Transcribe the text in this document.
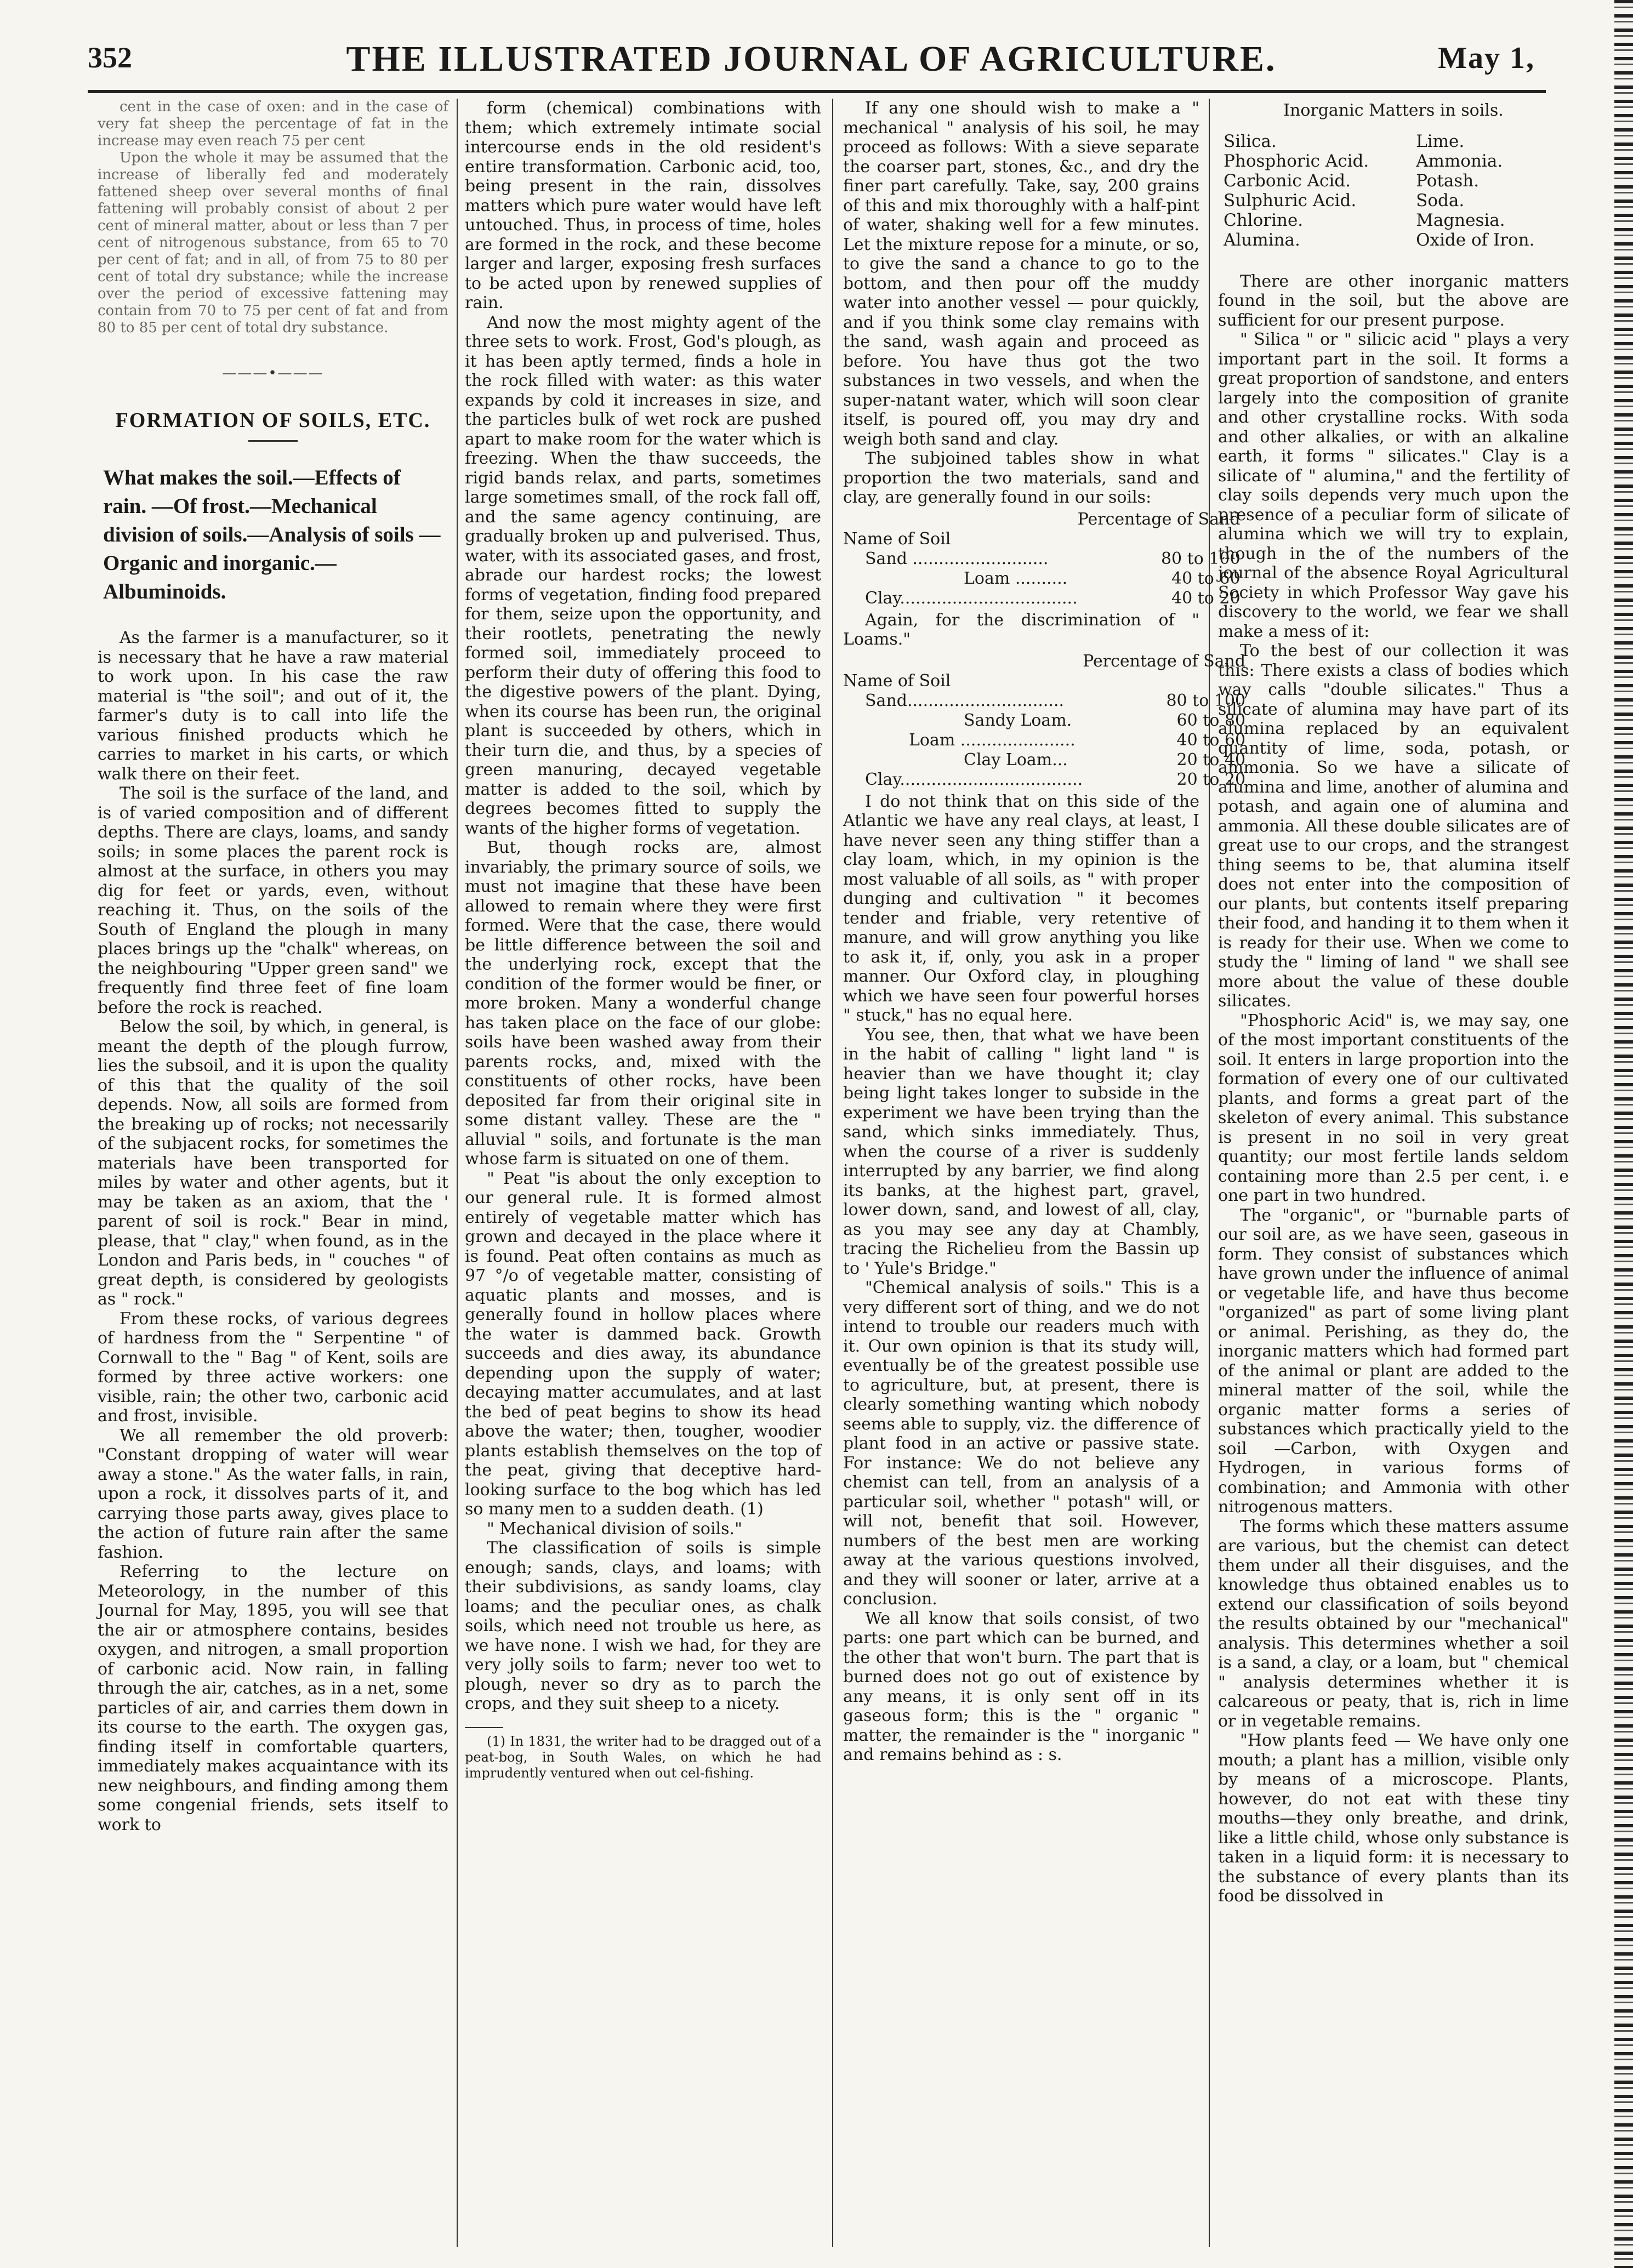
352	THE ILLUSTRATED JOURNAL OF AGRICULTURE.	May 1,

cent in the case of oxen: and in the case of very fat sheep the percentage of fat in the increase may even reach 75 per cent

Upon the whole it may be assumed that the increase of liberally fed and moderately fattened sheep over several months of final fattening will probably consist of about 2 per cent of mineral matter, about or less than 7 per cent of nitrogenous substance, from 65 to 70 per cent of fat; and in all, of from 75 to 80 per cent of total dry substance; while the increase over the period of excessive fattening may contain from 70 to 75 per cent of fat and from 80 to 85 per cent of total dry substance.

———•———
FORMATION OF SOILS, ETC.
What makes the soil.—Effects of rain. —Of frost.—Mechanical division of soils.—Analysis of soils — Organic and inorganic.—Albuminoids.

As the farmer is a manufacturer, so it is necessary that he have a raw material to work upon. In his case the raw material is "the soil"; and out of it, the farmer's duty is to call into life the various finished products which he carries to market in his carts, or which walk there on their feet.

The soil is the surface of the land, and is of varied composition and of different depths. There are clays, loams, and sandy soils; in some places the parent rock is almost at the surface, in others you may dig for feet or yards, even, without reaching it. Thus, on the soils of the South of England the plough in many places brings up the "chalk" whereas, on the neighbouring "Upper green sand" we frequently find three feet of fine loam before the rock is reached.

Below the soil, by which, in general, is meant the depth of the plough furrow, lies the subsoil, and it is upon the quality of this that the quality of the soil depends. Now, all soils are formed from the breaking up of rocks; not necessarily of the subjacent rocks, for sometimes the materials have been transported for miles by water and other agents, but it may be taken as an axiom, that the ' parent of soil is rock." Bear in mind, please, that " clay," when found, as in the London and Paris beds, in " couches " of great depth, is considered by geologists as " rock."

From these rocks, of various degrees of hardness from the " Serpentine " of Cornwall to the " Bag " of Kent, soils are formed by three active workers: one visible, rain; the other two, carbonic acid and frost, invisible.

We all remember the old proverb: "Constant dropping of water will wear away a stone." As the water falls, in rain, upon a rock, it dissolves parts of it, and carrying those parts away, gives place to the action of future rain after the same fashion.

Referring to the lecture on Meteorology, in the number of this Journal for May, 1895, you will see that the air or atmosphere contains, besides oxygen, and nitrogen, a small proportion of carbonic acid. Now rain, in falling through the air, catches, as in a net, some particles of air, and carries them down in its course to the earth. The oxygen gas, finding itself in comfortable quarters, immediately makes acquaintance with its new neighbours, and finding among them some congenial friends, sets itself to work to

form (chemical) combinations with them; which extremely intimate social intercourse ends in the old resident's entire transformation. Carbonic acid, too, being present in the rain, dissolves matters which pure water would have left untouched. Thus, in process of time, holes are formed in the rock, and these become larger and larger, exposing fresh surfaces to be acted upon by renewed supplies of rain.

And now the most mighty agent of the three sets to work. Frost, God's plough, as it has been aptly termed, finds a hole in the rock filled with water: as this water expands by cold it increases in size, and the particles bulk of wet rock are pushed apart to make room for the water which is freezing. When the thaw succeeds, the rigid bands relax, and parts, sometimes large sometimes small, of the rock fall off, and the same agency continuing, are gradually broken up and pulverised. Thus, water, with its associated gases, and frost, abrade our hardest rocks; the lowest forms of vegetation, finding food prepared for them, seize upon the opportunity, and their rootlets, penetrating the newly formed soil, immediately proceed to perform their duty of offering this food to the digestive powers of the plant. Dying, when its course has been run, the original plant is succeeded by others, which in their turn die, and thus, by a species of green manuring, decayed vegetable matter is added to the soil, which by degrees becomes fitted to supply the wants of the higher forms of vegetation.

But, though rocks are, almost invariably, the primary source of soils, we must not imagine that these have been allowed to remain where they were first formed. Were that the case, there would be little difference between the soil and the underlying rock, except that the condition of the former would be finer, or more broken. Many a wonderful change has taken place on the face of our globe: soils have been washed away from their parents rocks, and, mixed with the constituents of other rocks, have been deposited far from their original site in some distant valley. These are the " alluvial " soils, and fortunate is the man whose farm is situated on one of them.

" Peat "is about the only exception to our general rule. It is formed almost entirely of vegetable matter which has grown and decayed in the place where it is found. Peat often contains as much as 97 °/o of vegetable matter, consisting of aquatic plants and mosses, and is generally found in hollow places where the water is dammed back. Growth succeeds and dies away, its abundance depending upon the supply of water; decaying matter accumulates, and at last the bed of peat begins to show its head above the water; then, tougher, woodier plants establish themselves on the top of the peat, giving that deceptive hard-looking surface to the bog which has led so many men to a sudden death. (1)

" Mechanical division of soils."

The classification of soils is simple enough; sands, clays, and loams; with their subdivisions, as sandy loams, clay loams; and the peculiar ones, as chalk soils, which need not trouble us here, as we have none. I wish we had, for they are very jolly soils to farm; never too wet to plough, never so dry as to parch the crops, and they suit sheep to a nicety.

(1) In 1831, the writer had to be dragged out of a peat-bog, in South Wales, on which he had imprudently ventured when out cel-fishing.

If any one should wish to make a " mechanical " analysis of his soil, he may proceed as follows: With a sieve separate the coarser part, stones, &c., and dry the finer part carefully. Take, say, 200 grains of this and mix thoroughly with a half-pint of water, shaking well for a few minutes. Let the mixture repose for a minute, or so, to give the sand a chance to go to the bottom, and then pour off the muddy water into another vessel — pour quickly, and if you think some clay remains with the sand, wash again and proceed as before. You have thus got the two substances in two vessels, and when the super-natant water, which will soon clear itself, is poured off, you may dry and weigh both sand and clay.

The subjoined tables show in what proportion the two materials, sand and clay, are generally found in our soils:

	Percentage of Sand
Name of Soil	
Sand ..........................	80 to 100
Loam ..........	40 to 60
Clay..................................	40 to 20

Again, for the discrimination of " Loams."

	Percentage of Sand
Name of Soil	
Sand..............................	80 to 100
Sandy Loam.	60 to 80
Loam ......................	40 to 60
Clay Loam...	20 to 40
Clay...................................	20 to 20

I do not think that on this side of the Atlantic we have any real clays, at least, I have never seen any thing stiffer than a clay loam, which, in my opinion is the most valuable of all soils, as " with proper dunging and cultivation " it becomes tender and friable, very retentive of manure, and will grow anything you like to ask it, if, only, you ask in a proper manner. Our Oxford clay, in ploughing which we have seen four powerful horses " stuck," has no equal here.

You see, then, that what we have been in the habit of calling " light land " is heavier than we have thought it; clay being light takes longer to subside in the experiment we have been trying than the sand, which sinks immediately. Thus, when the course of a river is suddenly interrupted by any barrier, we find along its banks, at the highest part, gravel, lower down, sand, and lowest of all, clay, as you may see any day at Chambly, tracing the Richelieu from the Bassin up to ' Yule's Bridge."

"Chemical analysis of soils." This is a very different sort of thing, and we do not intend to trouble our readers much with it. Our own opinion is that its study will, eventually be of the greatest possible use to agriculture, but, at present, there is clearly something wanting which nobody seems able to supply, viz. the difference of plant food in an active or passive state. For instance: We do not believe any chemist can tell, from an analysis of a particular soil, whether " potash" will, or will not, benefit that soil. However, numbers of the best men are working away at the various questions involved, and they will sooner or later, arrive at a conclusion.

We all know that soils consist, of two parts: one part which can be burned, and the other that won't burn. The part that is burned does not go out of existence by any means, it is only sent off in its gaseous form; this is the " organic " matter, the remainder is the " inorganic " and remains behind as : s.

Inorganic Matters in soils.
Silica.	Lime.
Phosphoric Acid.	Ammonia.
Carbonic Acid.	Potash.
Sulphuric Acid.	Soda.
Chlorine.	Magnesia.
Alumina.	Oxide of Iron.

There are other inorganic matters found in the soil, but the above are sufficient for our present purpose.

" Silica " or " silicic acid " plays a very important part in the soil. It forms a great proportion of sandstone, and enters largely into the composition of granite and other crystalline rocks. With soda and other alkalies, or with an alkaline earth, it forms " silicates." Clay is a silicate of " alumina," and the fertility of clay soils depends very much upon the presence of a peculiar form of silicate of alumina which we will try to explain, though in the of the numbers of the journal of the absence Royal Agricultural Society in which Professor Way gave his discovery to the world, we fear we shall make a mess of it:

To the best of our collection it was this: There exists a class of bodies which way calls "double silicates." Thus a silicate of alumina may have part of its alumina replaced by an equivalent quantity of lime, soda, potash, or ammonia. So we have a silicate of alumina and lime, another of alumina and potash, and again one of alumina and ammonia. All these double silicates are of great use to our crops, and the strangest thing seems to be, that alumina itself does not enter into the composition of our plants, but contents itself preparing their food, and handing it to them when it is ready for their use. When we come to study the " liming of land " we shall see more about the value of these double silicates.

"Phosphoric Acid" is, we may say, one of the most important constituents of the soil. It enters in large proportion into the formation of every one of our cultivated plants, and forms a great part of the skeleton of every animal. This substance is present in no soil in very great quantity; our most fertile lands seldom containing more than 2.5 per cent, i. e one part in two hundred.

The "organic", or "burnable parts of our soil are, as we have seen, gaseous in form. They consist of substances which have grown under the influence of animal or vegetable life, and have thus become "organized" as part of some living plant or animal. Perishing, as they do, the inorganic matters which had formed part of the animal or plant are added to the mineral matter of the soil, while the organic matter forms a series of substances which practically yield to the soil —Carbon, with Oxygen and Hydrogen, in various forms of combination; and Ammonia with other nitrogenous matters.

The forms which these matters assume are various, but the chemist can detect them under all their disguises, and the knowledge thus obtained enables us to extend our classification of soils beyond the results obtained by our "mechanical" analysis. This determines whether a soil is a sand, a clay, or a loam, but " chemical " analysis determines whether it is calcareous or peaty, that is, rich in lime or in vegetable remains.

"How plants feed — We have only one mouth; a plant has a million, visible only by means of a microscope. Plants, however, do not eat with these tiny mouths—they only breathe, and drink, like a little child, whose only substance is taken in a liquid form: it is necessary to the substance of every plants than its food be dissolved in
